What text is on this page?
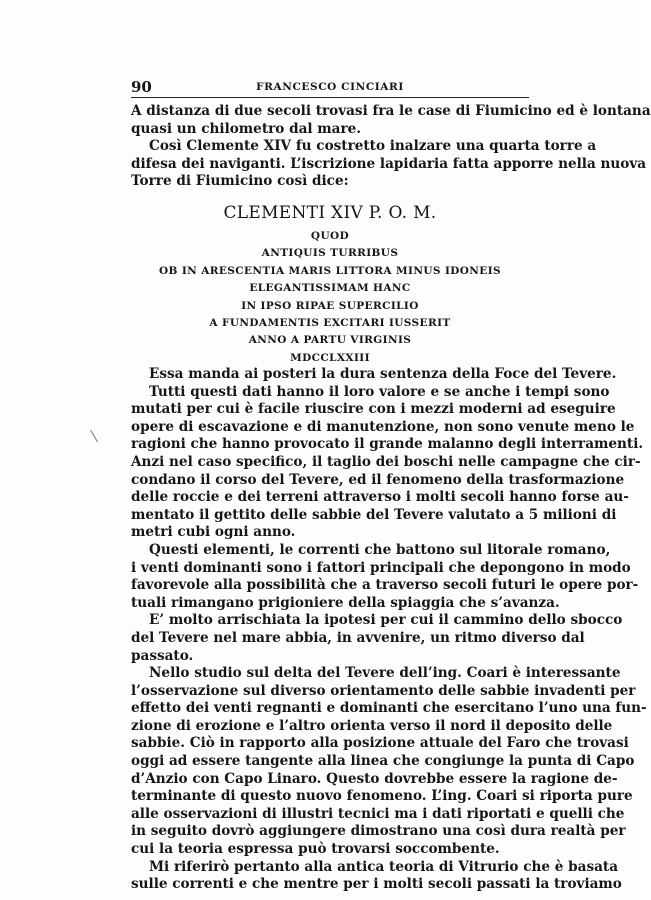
90	FRANCESCO CINCIARI
A distanza di due secoli trovasi fra le case di Fiumicino ed è lontana
quasi un chilometro dal mare.
Così Clemente XIV fu costretto inalzare una quarta torre a
difesa dei naviganti. L’iscrizione lapidaria fatta apporre nella nuova
Torre di Fiumicino così dice:
CLEMENTI XIV P. O. M.
QUOD
ANTIQUIS TURRIBUS
OB IN ARESCENTIA MARIS LITTORA MINUS IDONEIS
ELEGANTISSIMAM HANC
IN IPSO RIPAE SUPERCILIO
A FUNDAMENTIS EXCITARI IUSSERIT
ANNO A PARTU VIRGINIS
MDCCLXXIII
Essa manda ai posteri la dura sentenza della Foce del Tevere.
Tutti questi dati hanno il loro valore e se anche i tempi sono
mutati per cui è facile riuscire con i mezzi moderni ad eseguire
opere di escavazione e di manutenzione, non sono venute meno le
ragioni che hanno provocato il grande malanno degli interramenti.
Anzi nel caso specifico, il taglio dei boschi nelle campagne che cir-
condano il corso del Tevere, ed il fenomeno della trasformazione
delle roccie e dei terreni attraverso i molti secoli hanno forse au-
mentato il gettito delle sabbie del Tevere valutato a 5 milioni di
metri cubi ogni anno.
Questi elementi, le correnti che battono sul litorale romano,
i venti dominanti sono i fattori principali che depongono in modo
favorevole alla possibilità che a traverso secoli futuri le opere por-
tuali rimangano prigioniere della spiaggia che s’avanza.
E’ molto arrischiata la ipotesi per cui il cammino dello sbocco
del Tevere nel mare abbia, in avvenire, un ritmo diverso dal
passato.
Nello studio sul delta del Tevere dell’ing. Coari è interessante
l’osservazione sul diverso orientamento delle sabbie invadenti per
effetto dei venti regnanti e dominanti che esercitano l’uno una fun-
zione di erozione e l’altro orienta verso il nord il deposito delle
sabbie. Ciò in rapporto alla posizione attuale del Faro che trovasi
oggi ad essere tangente alla linea che congiunge la punta di Capo
d’Anzio con Capo Linaro. Questo dovrebbe essere la ragione de-
terminante di questo nuovo fenomeno. L’ing. Coari si riporta pure
alle osservazioni di illustri tecnici ma i dati riportati e quelli che
in seguito dovrò aggiungere dimostrano una così dura realtà per
cui la teoria espressa può trovarsi soccombente.
Mi riferirò pertanto alla antica teoria di Vitrurio che è basata
sulle correnti e che mentre per i molti secoli passati la troviamo
